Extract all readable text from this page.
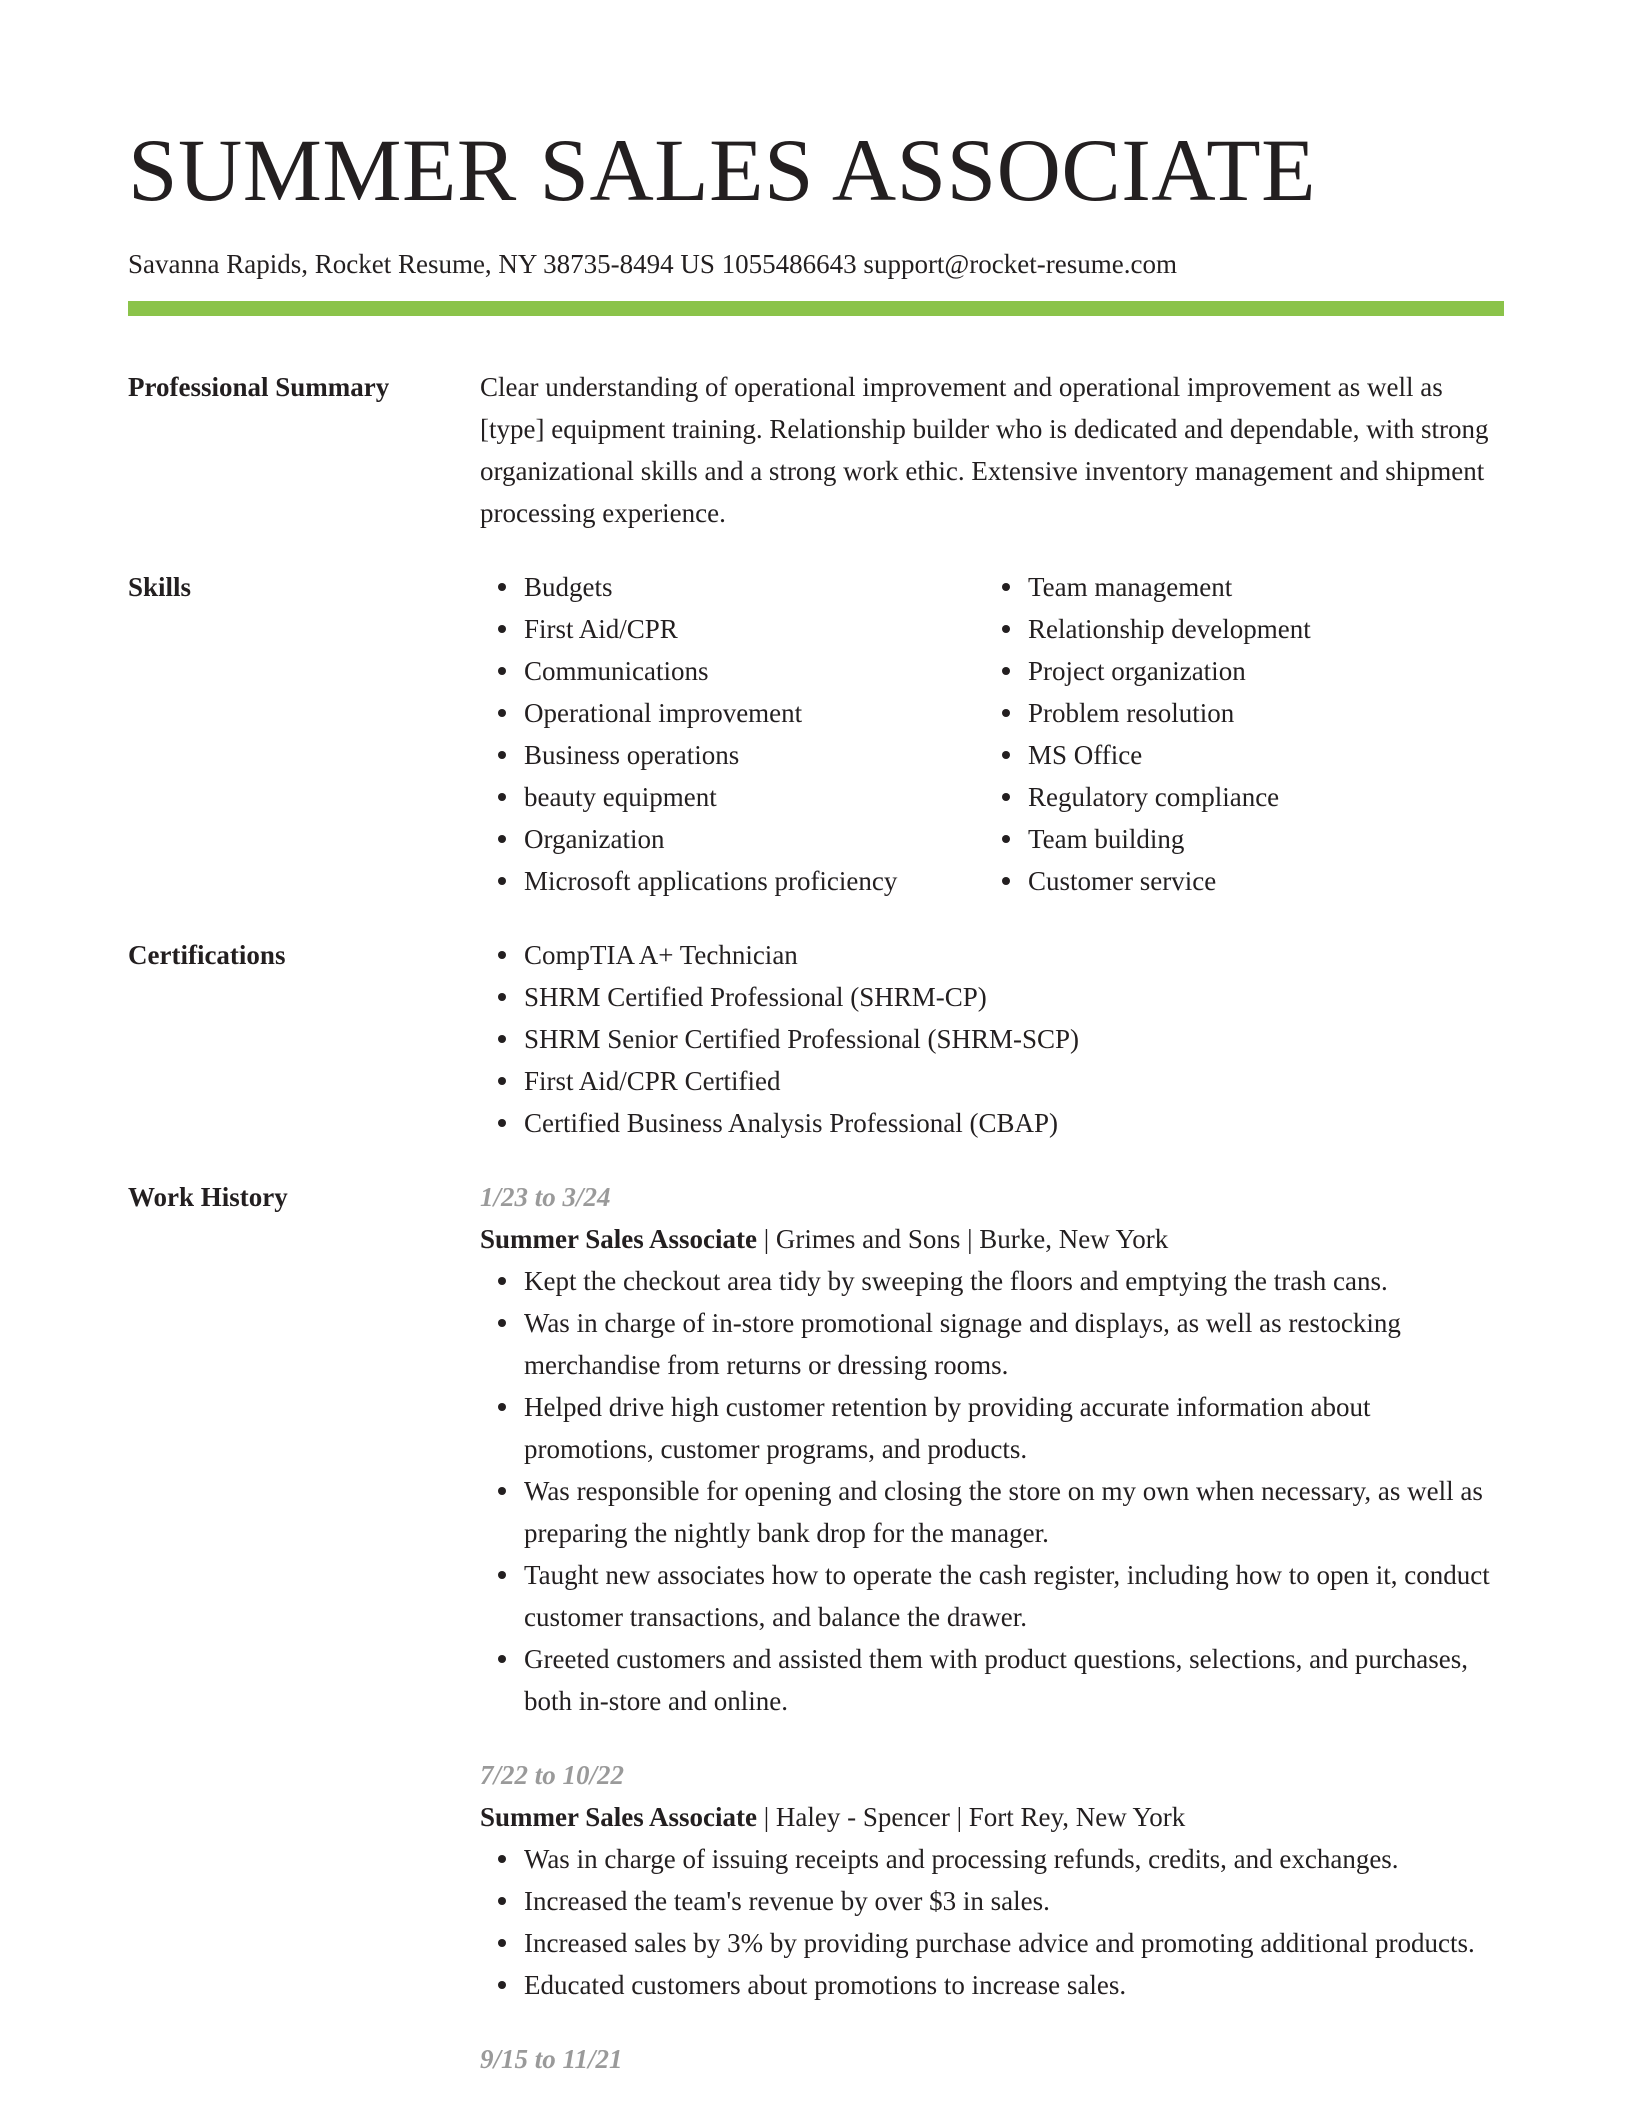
SUMMER SALES ASSOCIATE
Savanna Rapids, Rocket Resume, NY 38735-8494 US 1055486643 support@rocket-resume.com
Professional Summary	Clear understanding of operational improvement and operational improvement as well as [type] equipment training. Relationship builder who is dedicated and dependable, with strong organizational skills and a strong work ethic. Extensive inventory management and shipment processing experience.
Skills	Budgets
First Aid/CPR
Communications
Operational improvement
Business operations
beauty equipment
Organization
Microsoft applications proficiency
Team management
Relationship development
Project organization
Problem resolution
MS Office
Regulatory compliance
Team building
Customer service
Certifications	CompTIA A+ Technician
SHRM Certified Professional (SHRM-CP)
SHRM Senior Certified Professional (SHRM-SCP)
First Aid/CPR Certified
Certified Business Analysis Professional (CBAP)
Work History	1/23 to 3/24
Summer Sales Associate | Grimes and Sons | Burke, New York
Kept the checkout area tidy by sweeping the floors and emptying the trash cans.
Was in charge of in-store promotional signage and displays, as well as restocking merchandise from returns or dressing rooms.
Helped drive high customer retention by providing accurate information about promotions, customer programs, and products.
Was responsible for opening and closing the store on my own when necessary, as well as preparing the nightly bank drop for the manager.
Taught new associates how to operate the cash register, including how to open it, conduct customer transactions, and balance the drawer.
Greeted customers and assisted them with product questions, selections, and purchases, both in-store and online.
7/22 to 10/22
Summer Sales Associate | Haley - Spencer | Fort Rey, New York
Was in charge of issuing receipts and processing refunds, credits, and exchanges.
Increased the team's revenue by over $3 in sales.
Increased sales by 3% by providing purchase advice and promoting additional products.
Educated customers about promotions to increase sales.
9/15 to 11/21
